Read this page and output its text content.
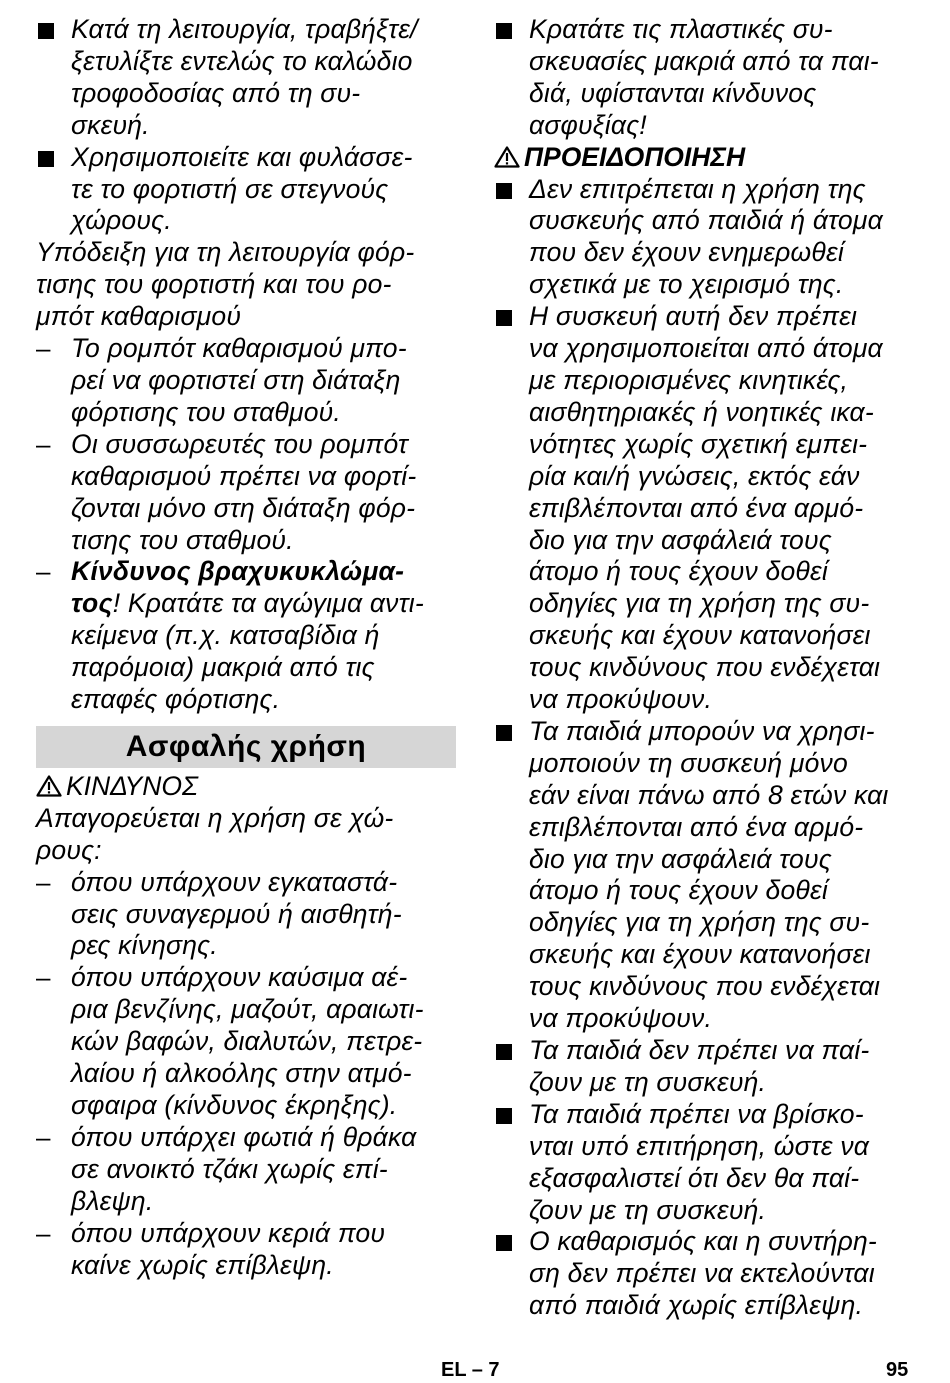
Κατά τη λειτουργία, τραβήξτε/
ξετυλίξτε εντελώς το καλώδιο
τροφοδοσίας από τη συ-
σκευή.
Χρησιμοποιείτε και φυλάσσε-
τε το φορτιστή σε στεγνούς
χώρους.
Υπόδειξη για τη λειτουργία φόρ-
τισης του φορτιστή και του ρο-
μπότ καθαρισμού
– Το ρομπότ καθαρισμού μπο-
ρεί να φορτιστεί στη διάταξη
φόρτισης του σταθμού.
– Οι συσσωρευτές του ρομπότ
καθαρισμού πρέπει να φορτί-
ζονται μόνο στη διάταξη φόρ-
τισης του σταθμού.
– Κίνδυνος βραχυκυκλώμα-
τος! Κρατάτε τα αγώγιμα αντι-
κείμενα (π.χ. κατσαβίδια ή
παρόμοια) μακριά από τις
επαφές φόρτισης.
Ασφαλής χρήση
ΚΙΝΔΥΝΟΣ
Απαγορεύεται η χρήση σε χώ-
ρους:
– όπου υπάρχουν εγκαταστά-
σεις συναγερμού ή αισθητή-
ρες κίνησης.
– όπου υπάρχουν καύσιμα αέ-
ρια βενζίνης, μαζούτ, αραιωτι-
κών βαφών, διαλυτών, πετρε-
λαίου ή αλκοόλης στην ατμό-
σφαιρα (κίνδυνος έκρηξης).
– όπου υπάρχει φωτιά ή θράκα
σε ανοικτό τζάκι χωρίς επί-
βλεψη.
– όπου υπάρχουν κεριά που
καίνε χωρίς επίβλεψη.
Κρατάτε τις πλαστικές συ-
σκευασίες μακριά από τα παι-
διά, υφίστανται κίνδυνος
ασφυξίας!
ΠΡΟΕΙΔΟΠΟΙΗΣΗ
Δεν επιτρέπεται η χρήση της
συσκευής από παιδιά ή άτομα
που δεν έχουν ενημερωθεί
σχετικά με το χειρισμό της.
Η συσκευή αυτή δεν πρέπει
να χρησιμοποιείται από άτομα
με περιορισμένες κινητικές,
αισθητηριακές ή νοητικές ικα-
νότητες χωρίς σχετική εμπει-
ρία και/ή γνώσεις, εκτός εάν
επιβλέπονται από ένα αρμό-
διο για την ασφάλειά τους
άτομο ή τους έχουν δοθεί
οδηγίες για τη χρήση της συ-
σκευής και έχουν κατανοήσει
τους κινδύνους που ενδέχεται
να προκύψουν.
Τα παιδιά μπορούν να χρησι-
μοποιούν τη συσκευή μόνο
εάν είναι πάνω από 8 ετών και
επιβλέπονται από ένα αρμό-
διο για την ασφάλειά τους
άτομο ή τους έχουν δοθεί
οδηγίες για τη χρήση της συ-
σκευής και έχουν κατανοήσει
τους κινδύνους που ενδέχεται
να προκύψουν.
Τα παιδιά δεν πρέπει να παί-
ζουν με τη συσκευή.
Τα παιδιά πρέπει να βρίσκο-
νται υπό επιτήρηση, ώστε να
εξασφαλιστεί ότι δεν θα παί-
ζουν με τη συσκευή.
Ο καθαρισμός και η συντήρη-
ση δεν πρέπει να εκτελούνται
από παιδιά χωρίς επίβλεψη.
EL – 7	95
